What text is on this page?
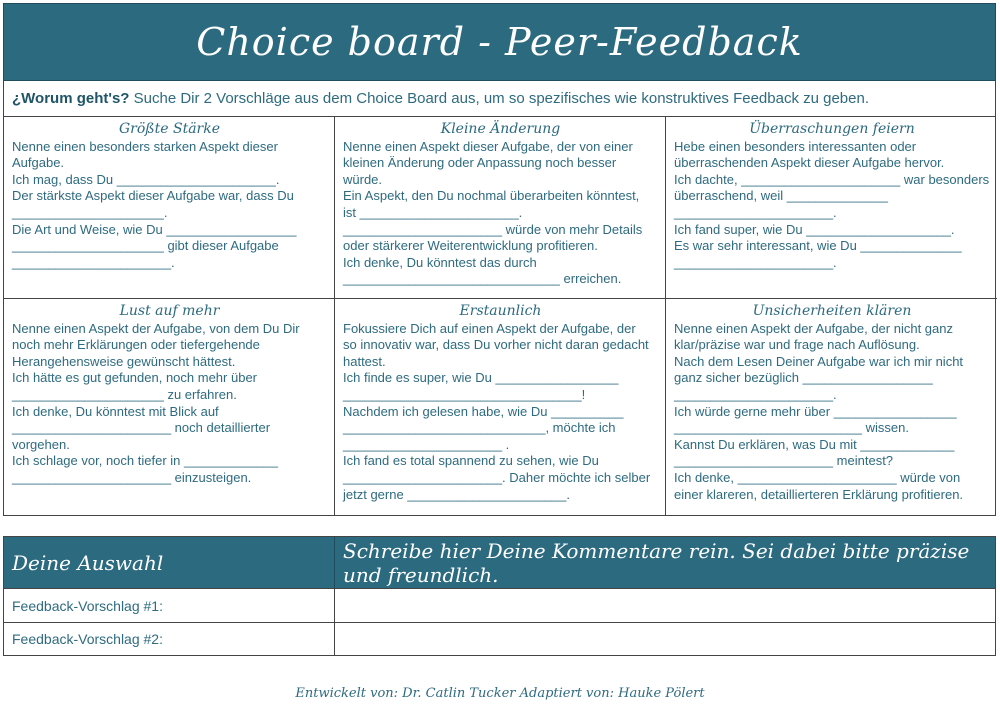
Choice board - Peer-Feedback
¿Worum geht's? Suche Dir 2 Vorschläge aus dem Choice Board aus, um so spezifisches wie konstruktives Feedback zu geben.
Größte Stärke
Nenne einen besonders starken Aspekt dieser
Aufgabe.
Ich mag, dass Du ______________________.
Der stärkste Aspekt dieser Aufgabe war, dass Du
_____________________.
Die Art und Weise, wie Du __________________
_____________________ gibt dieser Aufgabe
______________________.
Kleine Änderung
Nenne einen Aspekt dieser Aufgabe, der von einer
kleinen Änderung oder Anpassung noch besser
würde.
Ein Aspekt, den Du nochmal überarbeiten könntest,
ist ______________________.
______________________ würde von mehr Details
oder stärkerer Weiterentwicklung profitieren.
Ich denke, Du könntest das durch
______________________________ erreichen.
Überraschungen feiern
Hebe einen besonders interessanten oder
überraschenden Aspekt dieser Aufgabe hervor.
Ich dachte, ______________________ war besonders
überraschend, weil ______________
______________________.
Ich fand super, wie Du ____________________.
Es war sehr interessant, wie Du ______________
______________________.
Lust auf mehr
Nenne einen Aspekt der Aufgabe, von dem Du Dir
noch mehr Erklärungen oder tiefergehende
Herangehensweise gewünscht hättest.
Ich hätte es gut gefunden, noch mehr über
_____________________ zu erfahren.
Ich denke, Du könntest mit Blick auf
______________________ noch detaillierter
vorgehen.
Ich schlage vor, noch tiefer in _____________
______________________ einzusteigen.
Erstaunlich
Fokussiere Dich auf einen Aspekt der Aufgabe, der
so innovativ war, dass Du vorher nicht daran gedacht
hattest.
Ich finde es super, wie Du _________________
_________________________________!
Nachdem ich gelesen habe, wie Du __________
____________________________, möchte ich
______________________ .
Ich fand es total spannend zu sehen, wie Du
______________________. Daher möchte ich selber
jetzt gerne ______________________.
Unsicherheiten klären
Nenne einen Aspekt der Aufgabe, der nicht ganz
klar/präzise war und frage nach Auflösung.
Nach dem Lesen Deiner Aufgabe war ich mir nicht
ganz sicher bezüglich __________________
______________________.
Ich würde gerne mehr über _________________
__________________________ wissen.
Kannst Du erklären, was Du mit _____________
______________________ meintest?
Ich denke, ______________________ würde von
einer klareren, detaillierteren Erklärung profitieren.
Deine Auswahl	Schreibe hier Deine Kommentare rein. Sei dabei bitte präzise und freundlich.
Feedback-Vorschlag #1:
Feedback-Vorschlag #2:
Entwickelt von: Dr. Catlin Tucker Adaptiert von: Hauke Pölert
